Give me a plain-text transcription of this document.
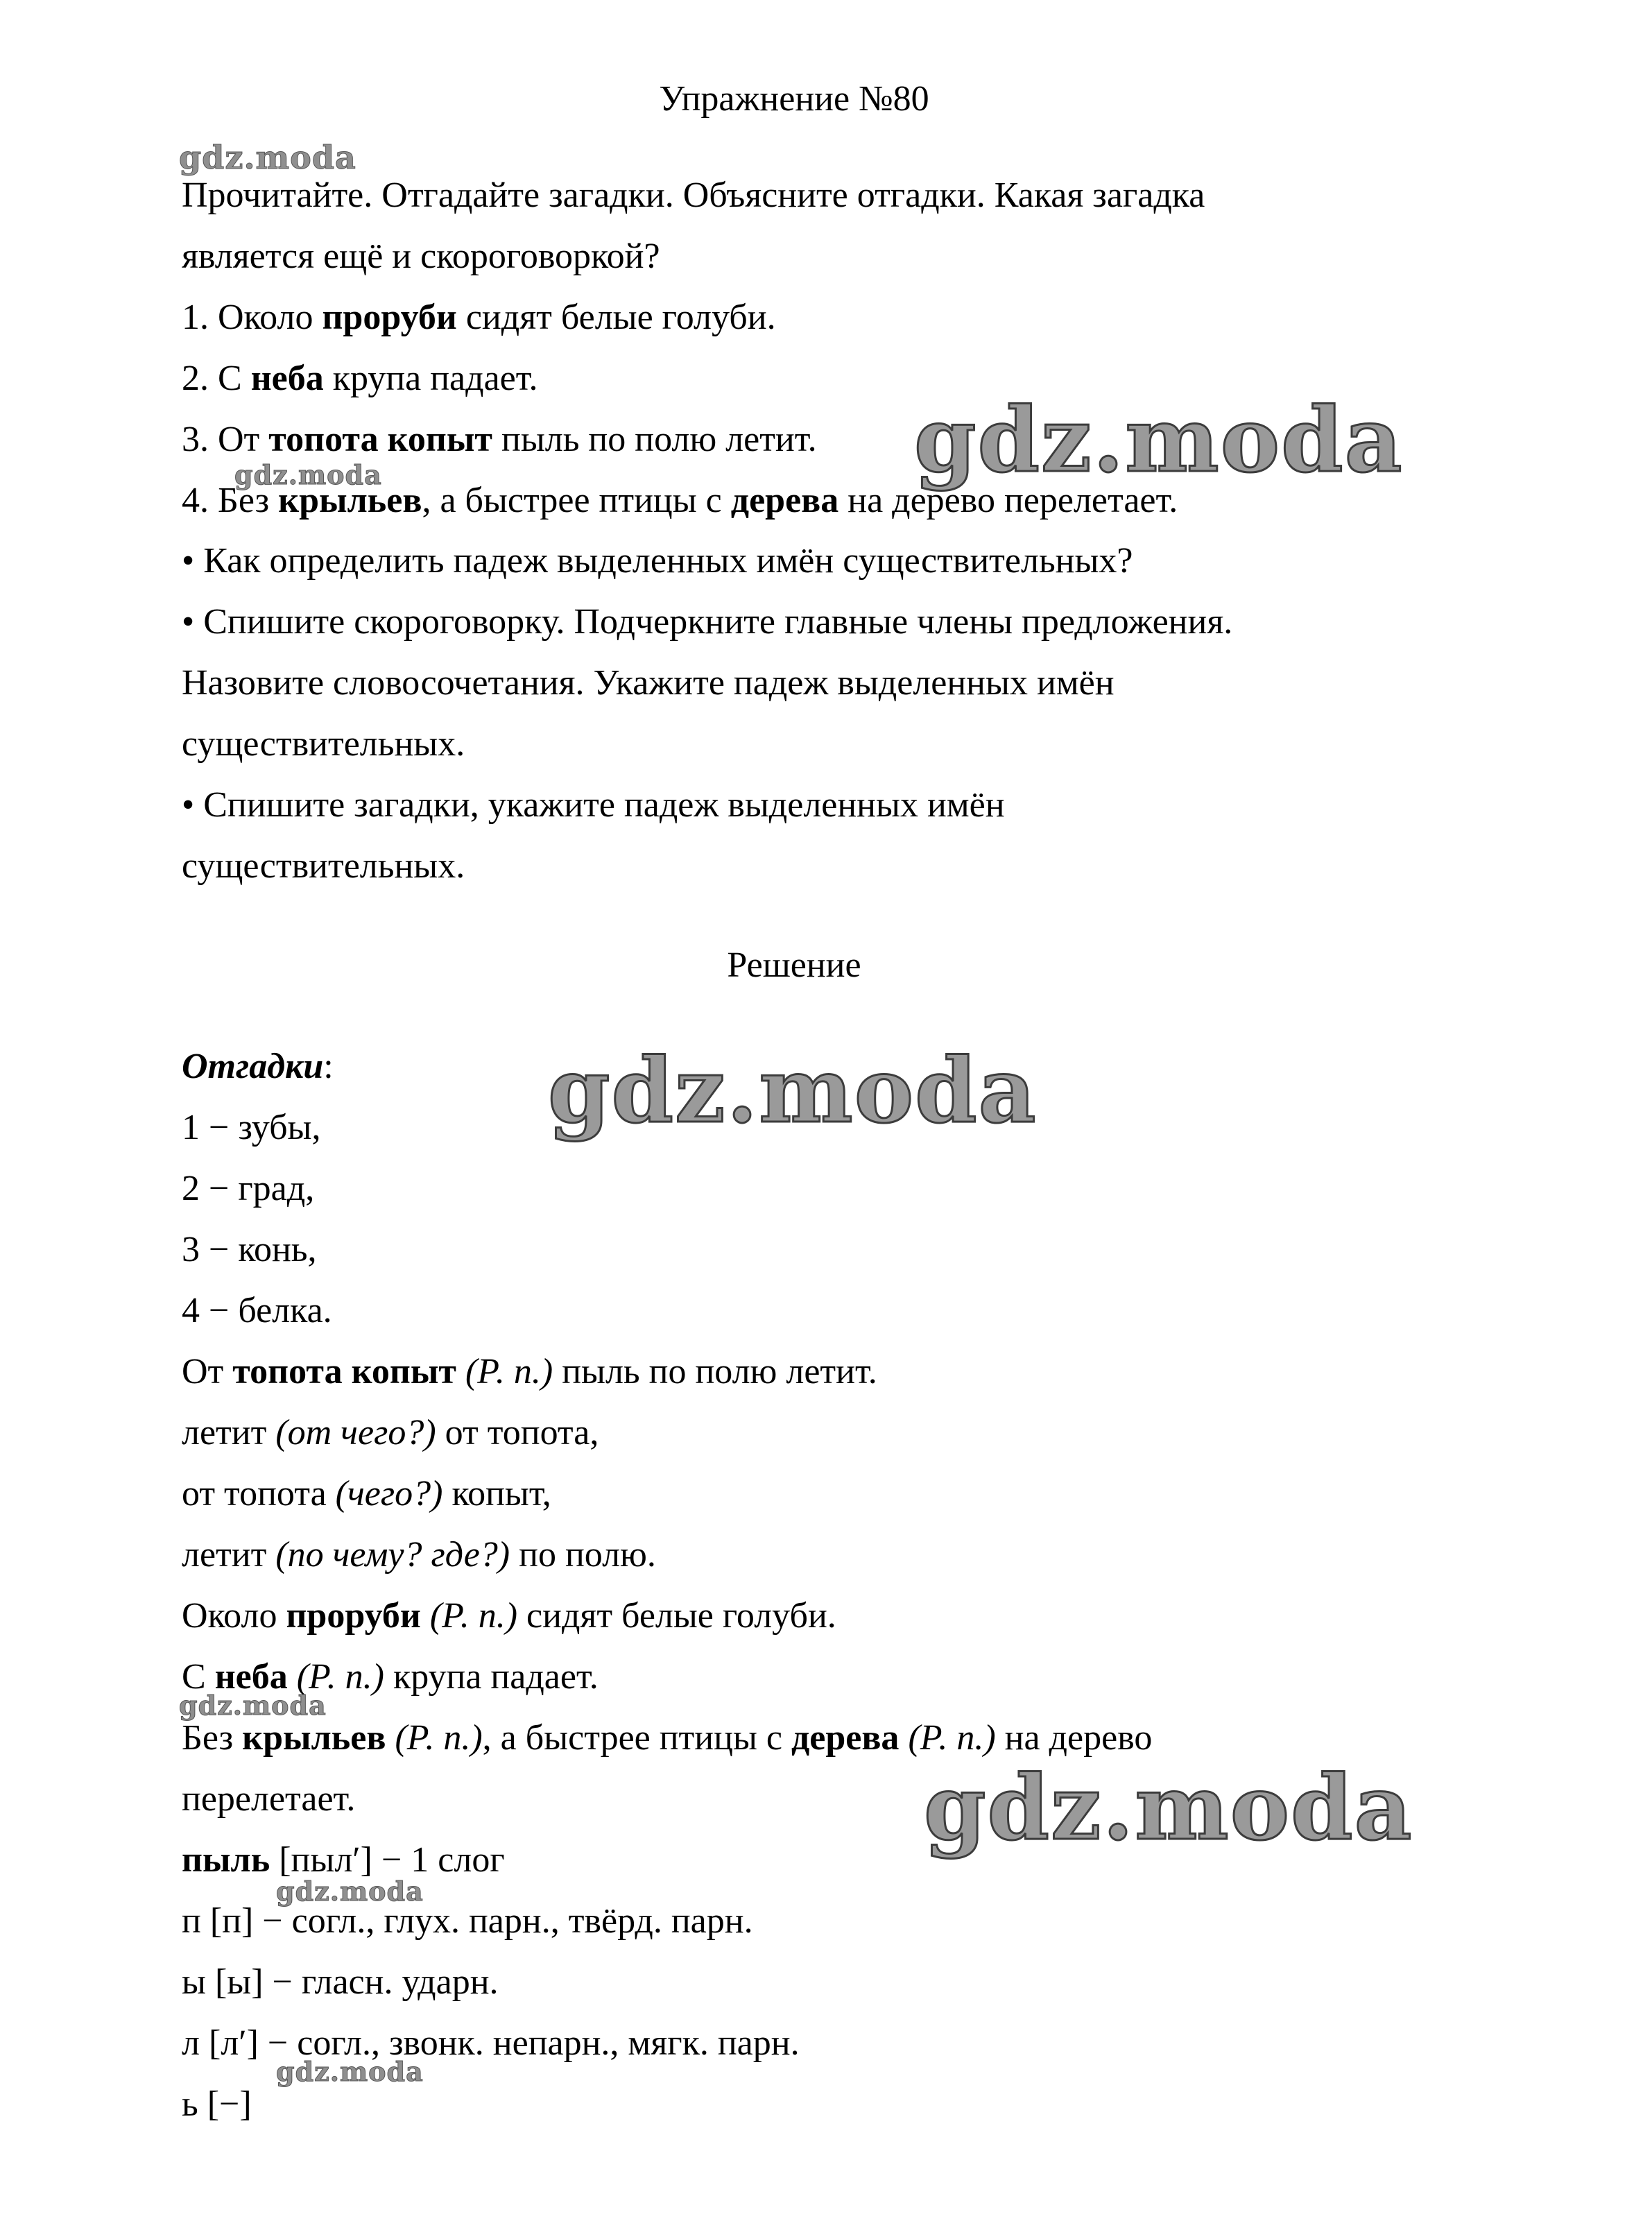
Упражнение №80
Прочитайте. Отгадайте загадки. Объясните отгадки. Какая загадка
является ещё и скороговоркой?
1. Около проруби сидят белые голуби.
2. С неба крупа падает.
3. От топота копыт пыль по полю летит.
4. Без крыльев, а быстрее птицы с дерева на дерево перелетает.
• Как определить падеж выделенных имён существительных?
• Спишите скороговорку. Подчеркните главные члены предложения.
Назовите словосочетания. Укажите падеж выделенных имён
существительных.
• Спишите загадки, укажите падеж выделенных имён
существительных.
Решение
Отгадки:
1 − зубы,
2 − град,
3 − конь,
4 − белка.
От топота копыт (Р. п.) пыль по полю летит.
летит (от чего?) от топота,
от топота (чего?) копыт,
летит (по чему? где?) по полю.
Около проруби (Р. п.) сидят белые голуби.
С неба (Р. п.) крупа падает.
Без крыльев (Р. п.), а быстрее птицы с дерева (Р. п.) на дерево
перелетает.
пыль [пыл′] − 1 слог
п [п] − согл., глух. парн., твёрд. парн.
ы [ы] − гласн. ударн.
л [л′] − согл., звонк. непарн., мягк. парн.
ь [−]
gdz.moda
gdz.moda
gdz.moda
gdz.moda
gdz.moda
gdz.moda
gdz.moda
gdz.moda
